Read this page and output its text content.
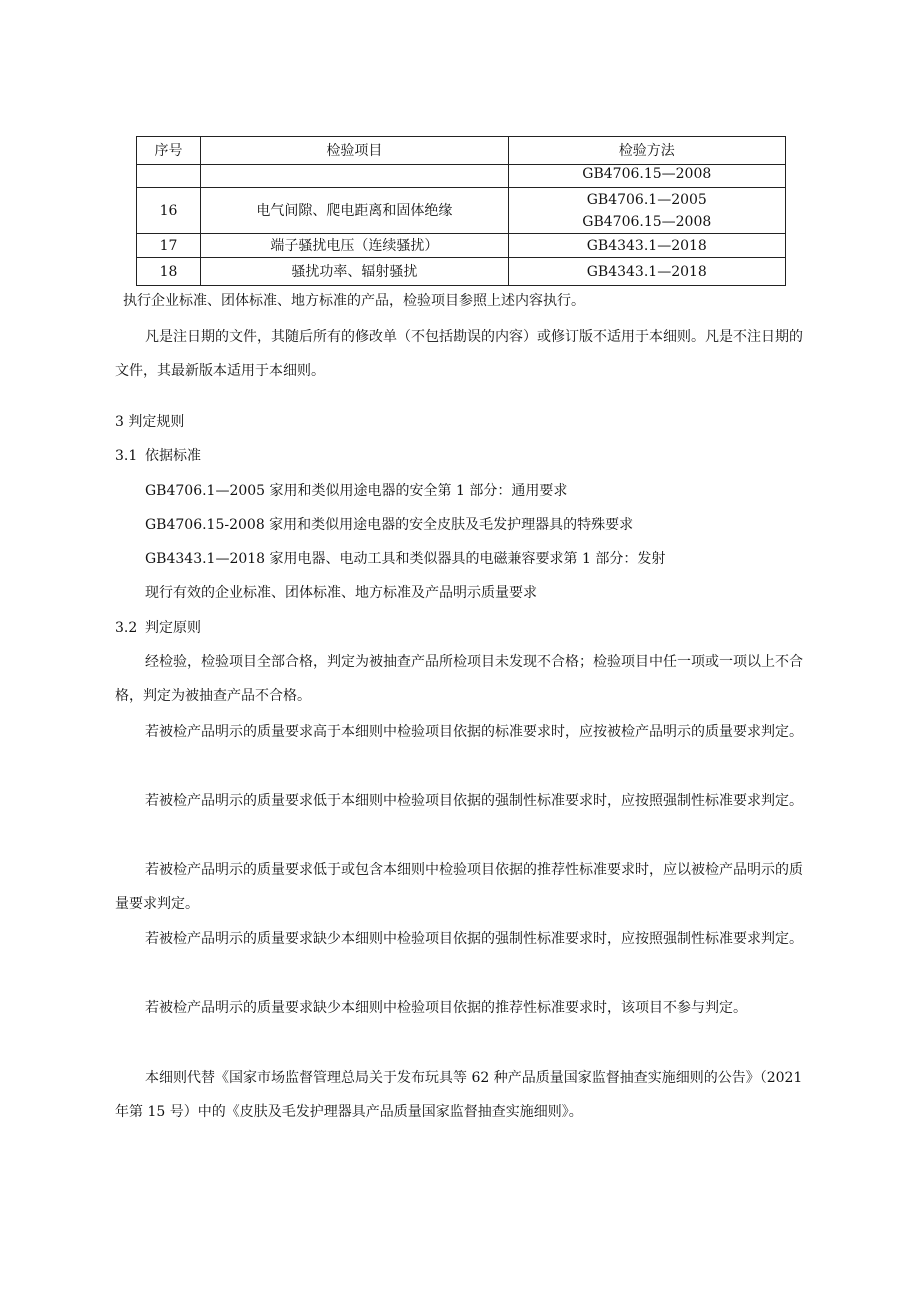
序号	检验项目	检验方法
		GB4706.15—2008
16	电气间隙、爬电距离和固体绝缘	GB4706.1—2005
GB4706.15—2008

17	端子骚扰电压（连续骚扰）	GB4343.1—2018
18	骚扰功率、辐射骚扰	GB4343.1—2018

执行企业标准、团体标准、地方标准的产品，检验项目参照上述内容执行。

凡是注日期的文件，其随后所有的修改单（不包括勘误的内容）或修订版不适用于本细则。凡是不注日期的文件，其最新版本适用于本细则。

3 判定规则

3.1 依据标准

GB4706.1—2005 家用和类似用途电器的安全第 1 部分：通用要求

GB4706.15-2008 家用和类似用途电器的安全皮肤及毛发护理器具的特殊要求

GB4343.1—2018 家用电器、电动工具和类似器具的电磁兼容要求第 1 部分：发射

现行有效的企业标准、团体标准、地方标准及产品明示质量要求

3.2 判定原则

经检验，检验项目全部合格，判定为被抽查产品所检项目未发现不合格；检验项目中任一项或一项以上不合格，判定为被抽查产品不合格。

若被检产品明示的质量要求高于本细则中检验项目依据的标准要求时，应按被检产品明示的质量要求判定。

若被检产品明示的质量要求低于本细则中检验项目依据的强制性标准要求时，应按照强制性标准要求判定。

若被检产品明示的质量要求低于或包含本细则中检验项目依据的推荐性标准要求时，应以被检产品明示的质量要求判定。

若被检产品明示的质量要求缺少本细则中检验项目依据的强制性标准要求时，应按照强制性标准要求判定。

若被检产品明示的质量要求缺少本细则中检验项目依据的推荐性标准要求时，该项目不参与判定。

本细则代替《国家市场监督管理总局关于发布玩具等 62 种产品质量国家监督抽查实施细则的公告》（2021 年第 15 号）中的《皮肤及毛发护理器具产品质量国家监督抽查实施细则》。
